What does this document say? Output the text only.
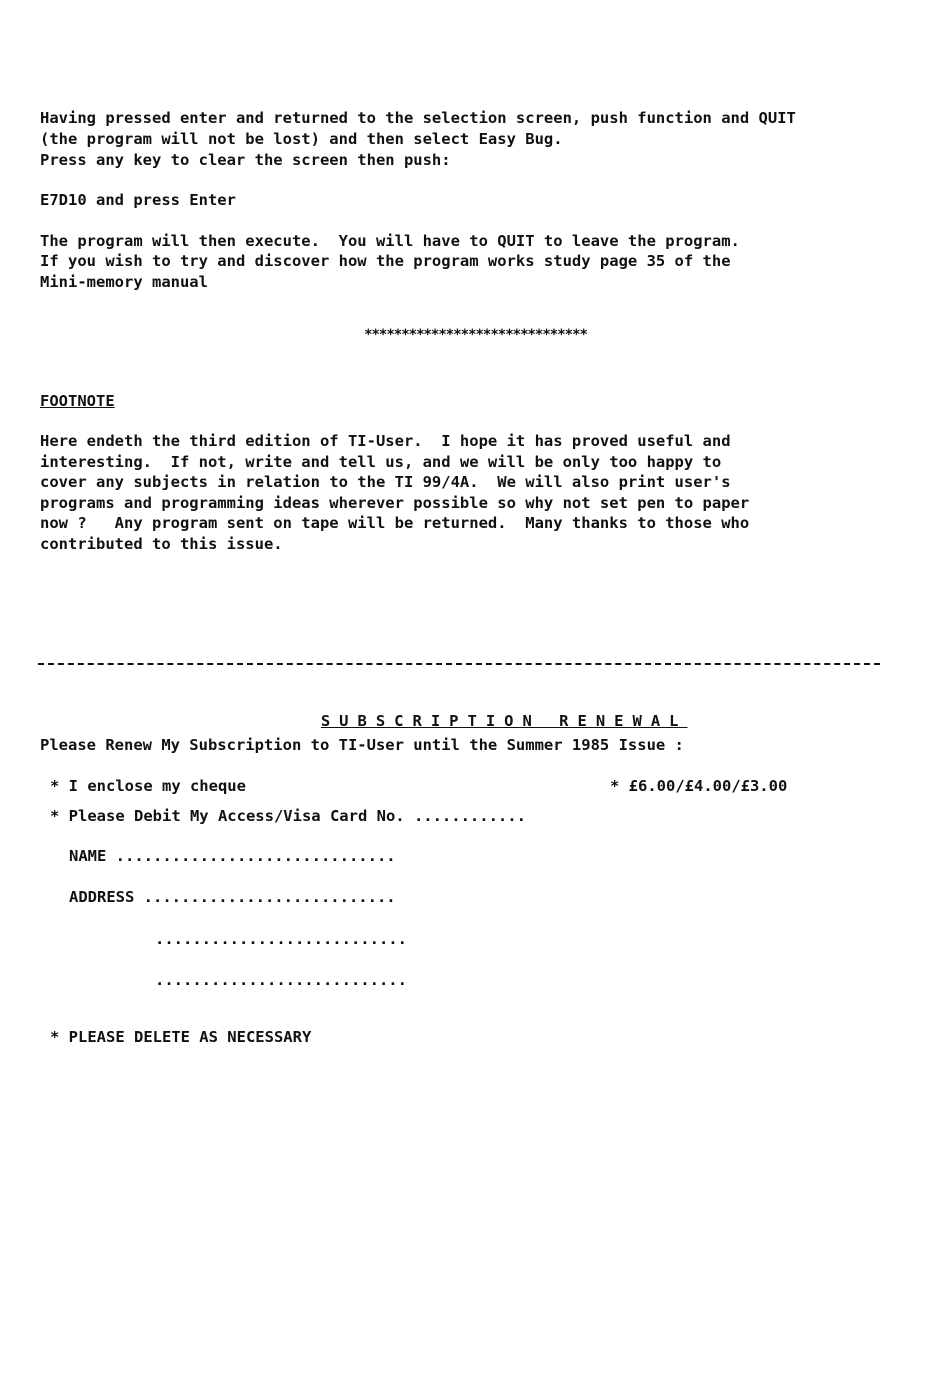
Having pressed enter and returned to the selection screen, push function and QUIT
(the program will not be lost) and then select Easy Bug.
Press any key to clear the screen then push:
E7D10 and press Enter
The program will then execute.  You will have to QUIT to leave the program.
If you wish to try and discover how the program works study page 35 of the
Mini-memory manual
******************************
FOOTNOTE
Here endeth the third edition of TI-User.  I hope it has proved useful and
interesting.  If not, write and tell us, and we will be only too happy to
cover any subjects in relation to the TI 99/4A.  We will also print user's
programs and programming ideas wherever possible so why not set pen to paper
now ?   Any program sent on tape will be returned.  Many thanks to those who
contributed to this issue.

SUBSCRIPTION RENEWAL

Please Renew My Subscription to TI-User until the Summer 1985 Issue :
* I enclose my cheque	* £6.00/£4.00/£3.00
* Please Debit My Access/Visa Card No. ............
NAME ..............................
ADDRESS ...........................
...........................
...........................
* PLEASE DELETE AS NECESSARY
